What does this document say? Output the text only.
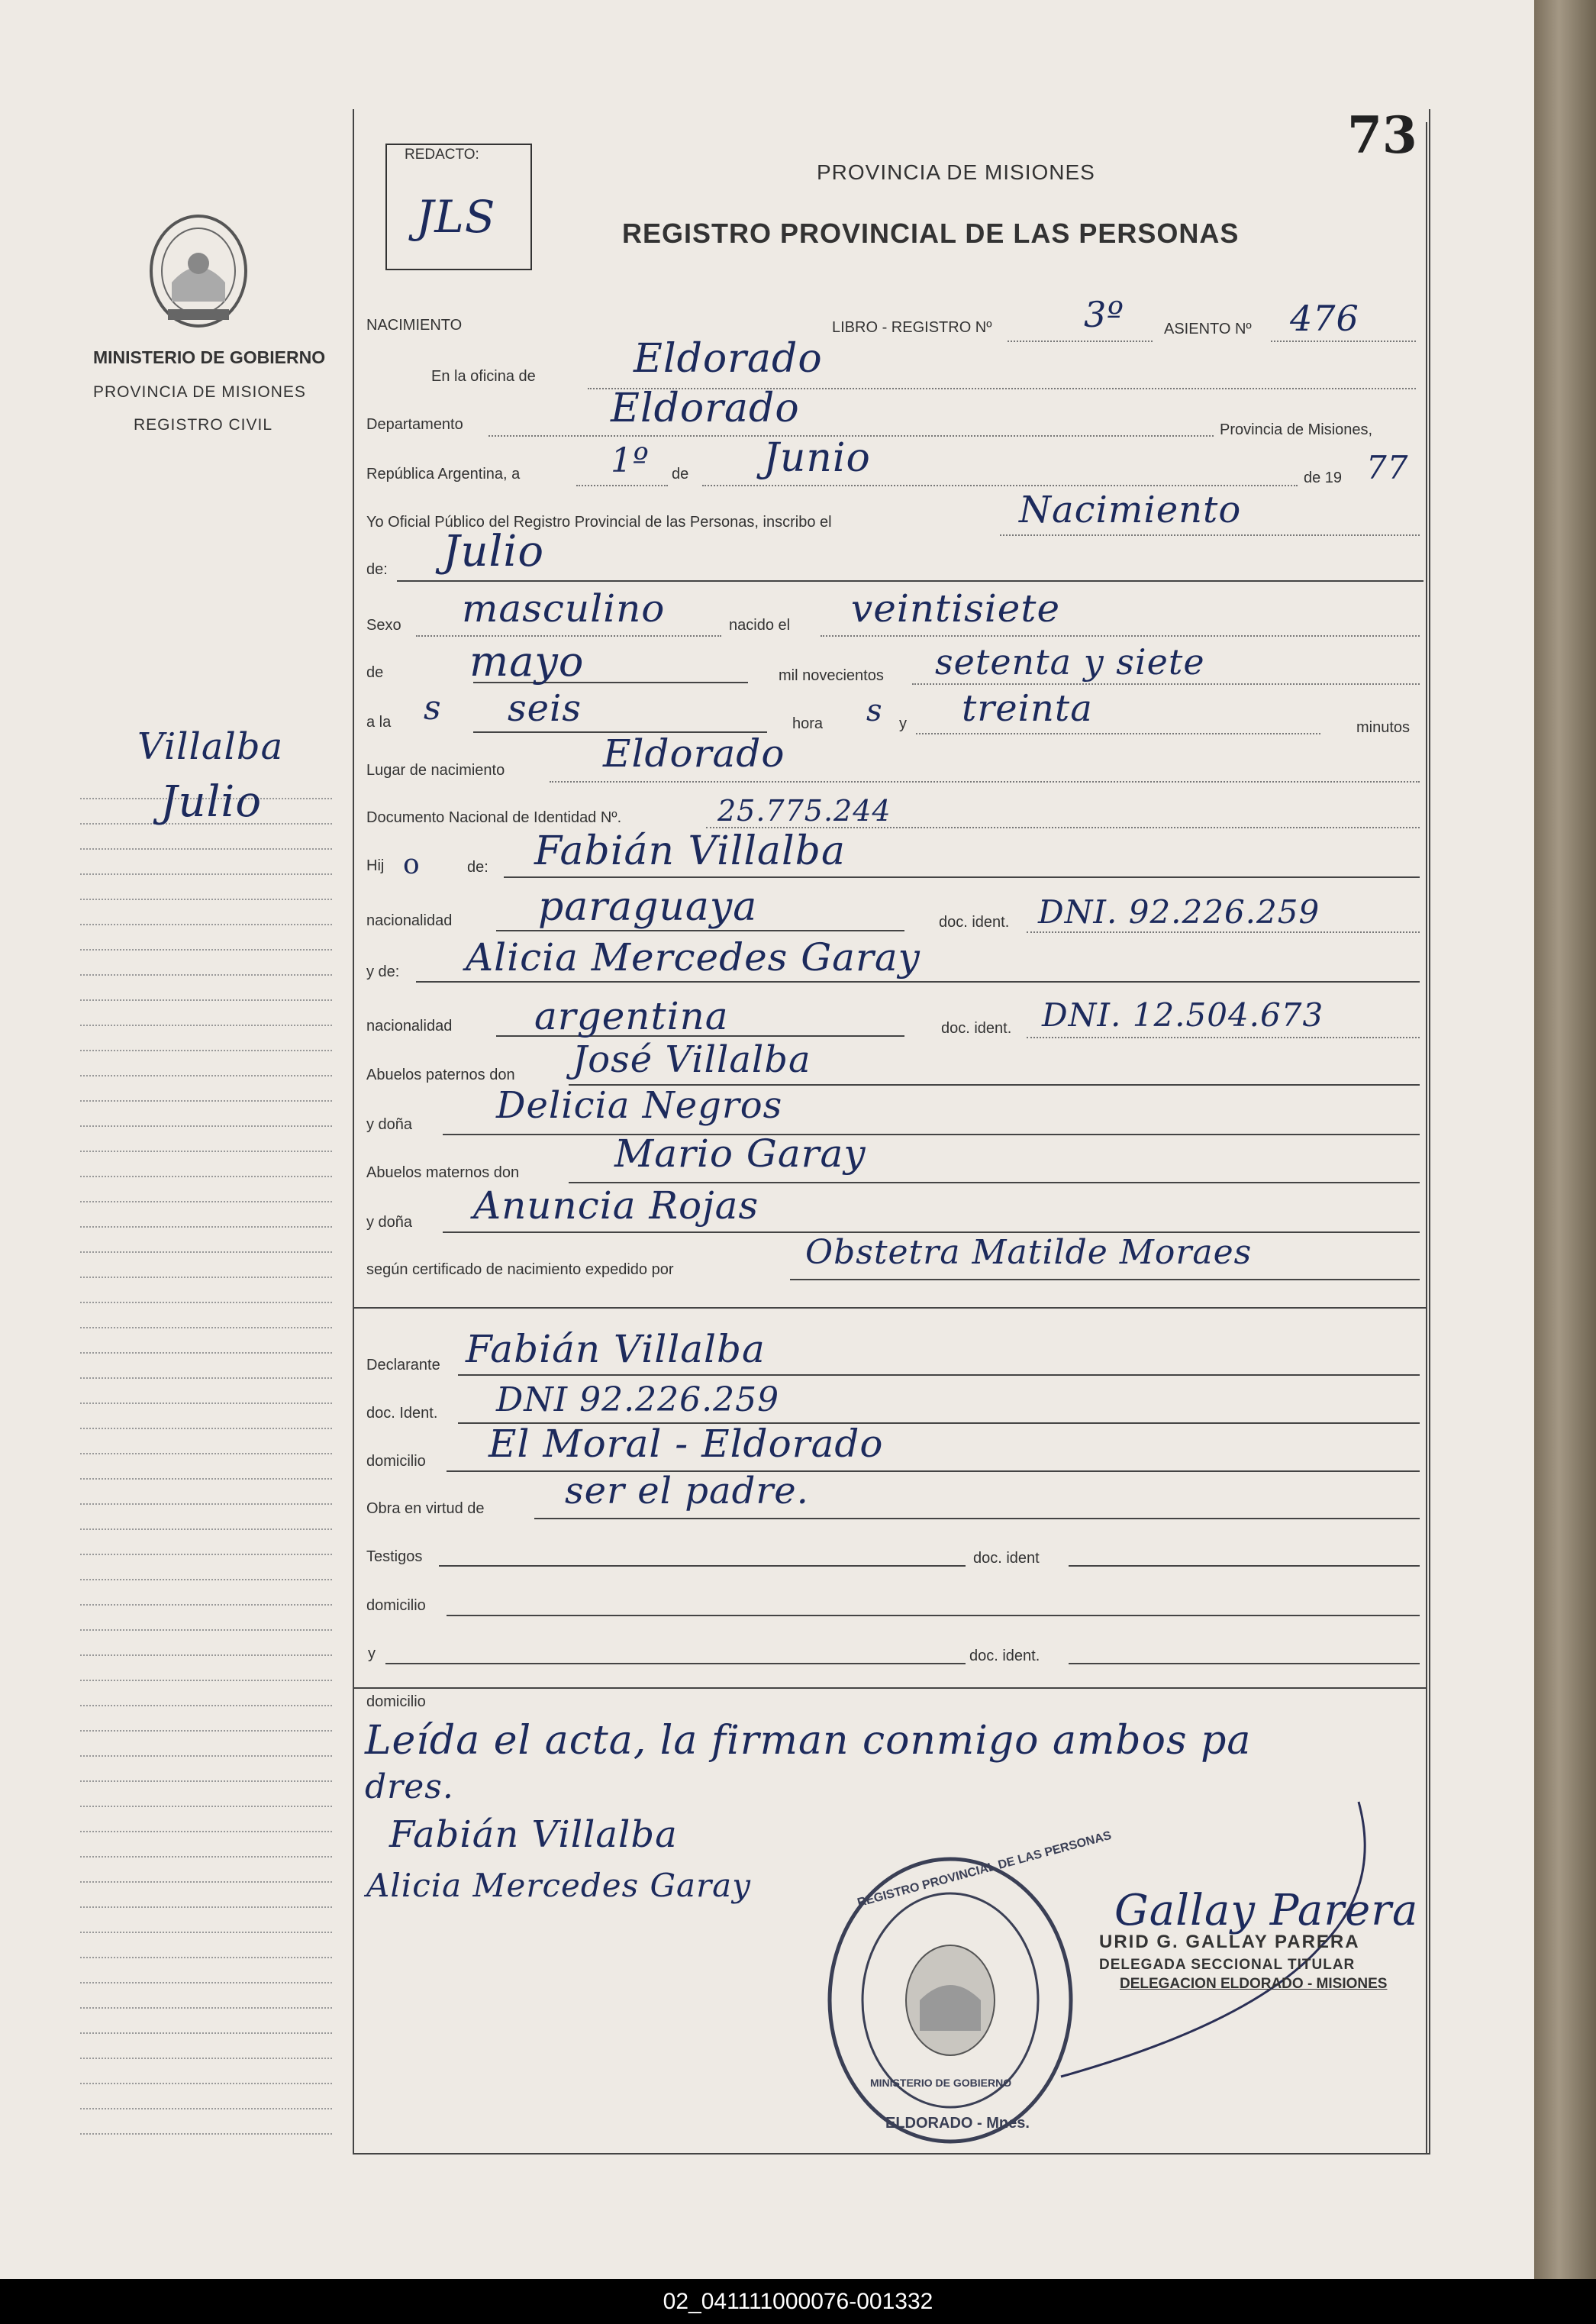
73
REDACTO:
JLS
PROVINCIA DE MISIONES
REGISTRO PROVINCIAL DE LAS PERSONAS
MINISTERIO DE GOBIERNO
PROVINCIA DE MISIONES
REGISTRO CIVIL
Villalba
Julio
NACIMIENTO	LIBRO - REGISTRO Nº	3º	ASIENTO Nº 476
En la oficina de Eldorado
Departamento	Eldorado	Provincia de Misiones,
República Argentina, a	1º de Junio	de 19 77
Yo Oficial Público del Registro Provincial de las Personas, inscribo el	Nacimiento
de: Julio
Sexo masculino	nacido el veintisiete
de mayo	mil novecientos setenta y siete
a la s seis	hora s y treinta	minutos
Lugar de nacimiento	Eldorado
Documento Nacional de Identidad Nº.	25.775.244
Hij o	de: Fabián Villalba
nacionalidad paraguaya	doc. ident. DNI. 92.226.259
y de: Alicia Mercedes Garay
nacionalidad argentina	doc. ident. DNI. 12.504.673
Abuelos paternos don José Villalba
y doña Delicia Negros
Abuelos maternos don Mario Garay
y doña Anuncia Rojas
según certificado de nacimiento expedido por	Obstetra Matilde Moraes
Declarante Fabián Villalba
doc. Ident. DNI 92.226.259
domicilio El Moral - Eldorado
Obra en virtud de ser el padre.
Testigos	doc. ident
domicilio
y	doc. ident.
domicilio
Leída el acta, la firman conmigo ambos pa
dres.
Fabián Villalba
Alicia Mercedes Garay	REGISTRO PROVINCIAL DE LAS PERSONAS
MINISTERIO DE GOBIERNO
ELDORADO - Mnes.
Gallay Parera
URID G. GALLAY PARERA
DELEGADA SECCIONAL TITULAR
DELEGACION ELDORADO - MISIONES
02_041111000076-001332
